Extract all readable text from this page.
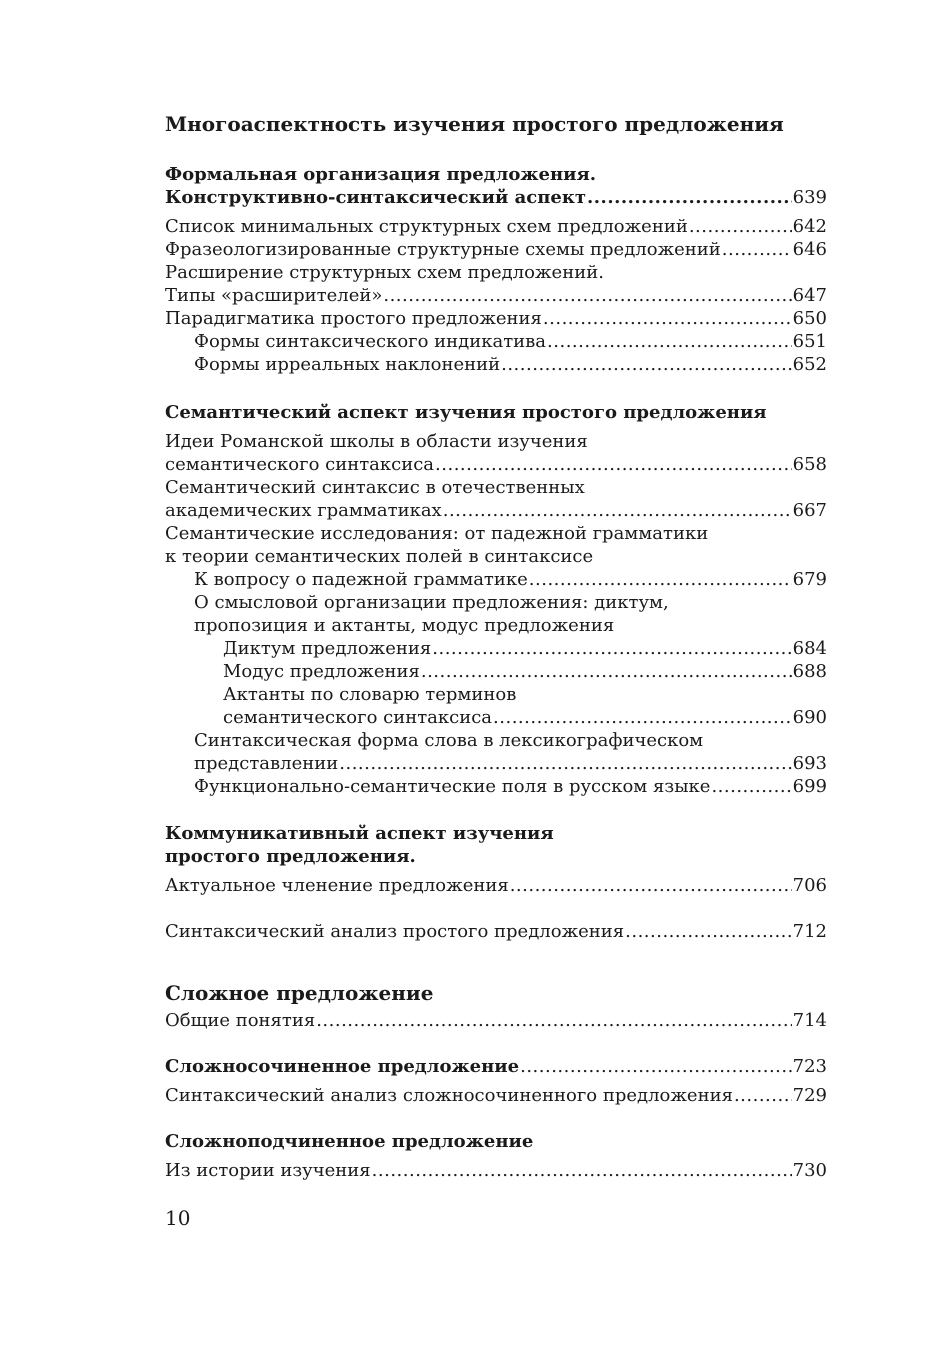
Многоаспектность изучения простого предложения
Формальная организация предложения.
Конструктивно-синтаксический аспект .....	639
Список минимальных структурных схем предложений .....	642
Фразеологизированные структурные схемы предложений .....	646
Расширение структурных схем предложений.
Типы «расширителей» .....	647
Парадигматика простого предложения .....	650
Формы синтаксического индикатива .....	651
Формы ирреальных наклонений .....	652
Семантический аспект изучения простого предложения
Идеи Романской школы в области изучения
семантического синтаксиса .....	658
Семантический синтаксис в отечественных
академических грамматиках .....	667
Семантические исследования: от падежной грамматики
к теории семантических полей в синтаксисе
К вопросу о падежной грамматике .....	679
О смысловой организации предложения: диктум,
пропозиция и актанты, модус предложения
Диктум предложения .....	684
Модус предложения .....	688
Актанты по словарю терминов
семантического синтаксиса .....	690
Синтаксическая форма слова в лексикографическом
представлении .....	693
Функционально-семантические поля в русском языке .....	699
Коммуникативный аспект изучения
простого предложения.
Актуальное членение предложения .....	706
Синтаксический анализ простого предложения .....	712
Сложное предложение
Общие понятия .....	714
Сложносочиненное предложение .....	723
Синтаксический анализ сложносочиненного предложения .....	729
Сложноподчиненное предложение
Из истории изучения .....	730
10
